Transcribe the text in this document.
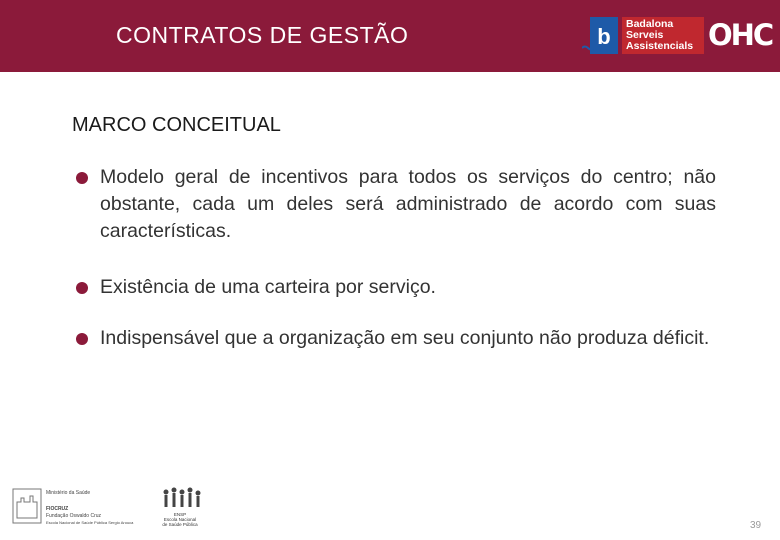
CONTRATOS DE GESTÃO	b Badalona
Serveis
Assistencials OHC
MARCO CONCEITUAL
Modelo geral de incentivos para todos os serviços do centro; não obstante, cada um deles será administrado de acordo com suas características.
Existência de uma carteira por serviço.
Indispensável que a organização em seu conjunto não produza déficit.
Ministério da Saúde
FIOCRUZ
Fundação Oswaldo Cruz
Escola Nacional de Saúde Pública Sergio Arouca
ENSP
Escola Nacional
de Saúde Pública	39
